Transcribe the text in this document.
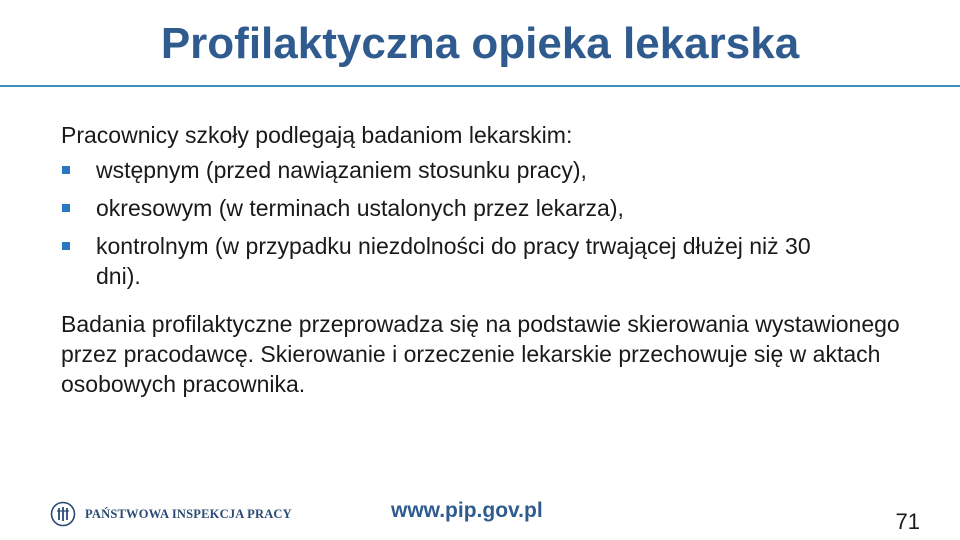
Profilaktyczna opieka lekarska

Pracownicy szkoły podlegają badaniom lekarskim:

wstępnym (przed nawiązaniem stosunku pracy),
okresowym (w terminach ustalonych przez lekarza),
kontrolnym (w przypadku niezdolności do pracy trwającej dłużej niż 30 dni).

Badania profilaktyczne przeprowadza się na podstawie skierowania wystawionego przez pracodawcę. Skierowanie i orzeczenie lekarskie przechowuje się w aktach osobowych pracownika.

PAŃSTWOWA INSPEKCJA PRACY	www.pip.gov.pl	71
